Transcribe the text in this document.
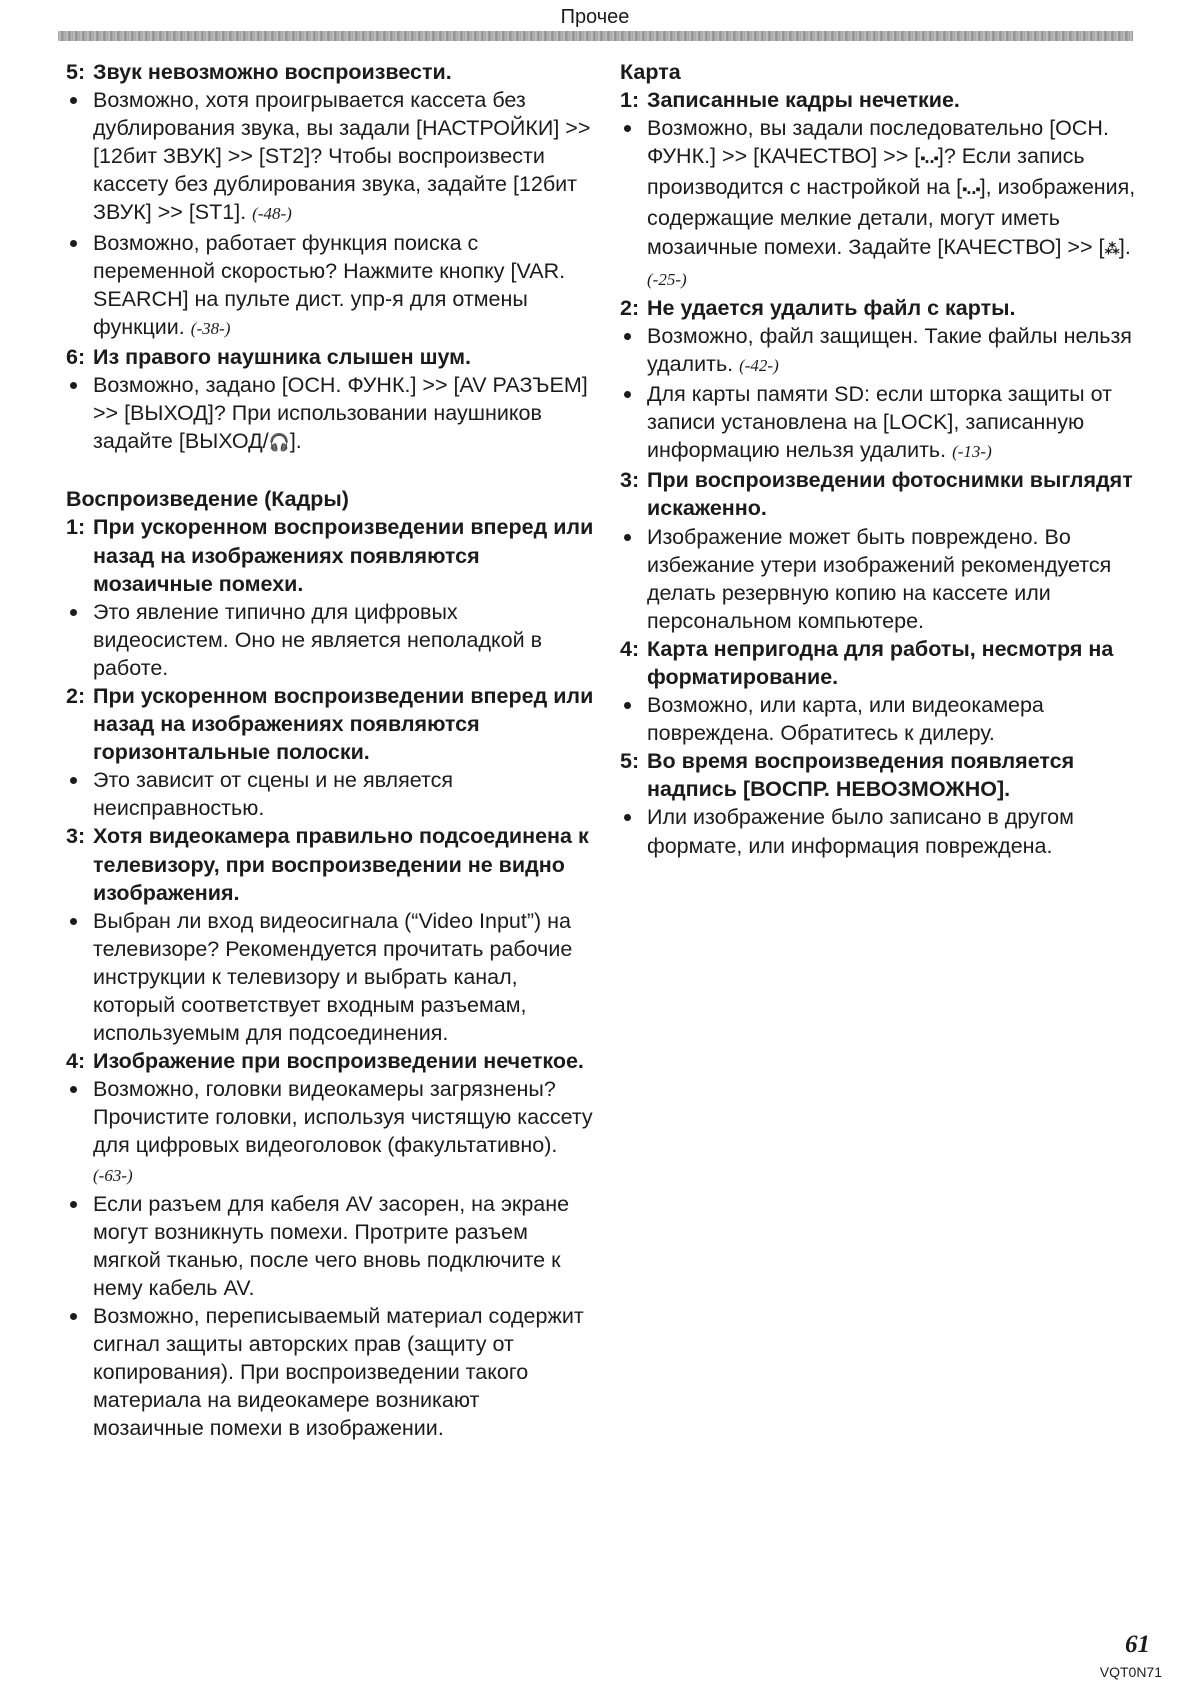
Прочее

5: Звук невозможно воспроизвести.

Возможно, хотя проигрывается кассета без дублирования звука, вы задали [НАСТРОЙКИ] >> [12бит ЗВУК] >> [ST2]? Чтобы воспроизвести кассету без дублирования звука, задайте [12бит ЗВУК] >> [ST1]. (-48-)

Возможно, работает функция поиска с переменной скоростью? Нажмите кнопку [VAR. SEARCH] на пульте дист. упр-я для отмены функции. (-38-)

6: Из правого наушника слышен шум.

Возможно, задано [ОСН. ФУНК.] >> [AV РАЗЪЕМ] >> [ВЫХОД]? При использовании наушников задайте [ВЫХОД/🎧].

Воспроизведение (Кадры)

1: При ускоренном воспроизведении вперед или назад на изображениях появляются мозаичные помехи.

Это явление типично для цифровых видеосистем. Оно не является неполадкой в работе.

2: При ускоренном воспроизведении вперед или назад на изображениях появляются горизонтальные полоски.

Это зависит от сцены и не является неисправностью.

3: Хотя видеокамера правильно подсоединена к телевизору, при воспроизведении не видно изображения.

Выбран ли вход видеосигнала (“Video Input”) на телевизоре? Рекомендуется прочитать рабочие инструкции к телевизору и выбрать канал, который соответствует входным разъемам, используемым для подсоединения.

4: Изображение при воспроизведении нечеткое.

Возможно, головки видеокамеры загрязнены? Прочистите головки, используя чистящую кассету для цифровых видеоголовок (факультативно). (-63-)

Если разъем для кабеля AV засорен, на экране могут возникнуть помехи. Протрите разъем мягкой тканью, после чего вновь подключите к нему кабель AV.

Возможно, переписываемый материал содержит сигнал защиты авторских прав (защиту от копирования). При воспроизведении такого материала на видеокамере возникают мозаичные помехи в изображении.

Карта

1: Записанные кадры нечеткие.

Возможно, вы задали последовательно [ОСН. ФУНК.] >> [КАЧЕСТВО] >> [▪‥▪]? Если запись производится с настройкой на [▪‥▪], изображения, содержащие мелкие детали, могут иметь мозаичные помехи. Задайте [КАЧЕСТВО] >> [⁂]. (-25-)

2: Не удается удалить файл с карты.

Возможно, файл защищен. Такие файлы нельзя удалить. (-42-)

Для карты памяти SD: если шторка защиты от записи установлена на [LOCK], записанную информацию нельзя удалить. (-13-)

3: При воспроизведении фотоснимки выглядят искаженно.

Изображение может быть повреждено. Во избежание утери изображений рекомендуется делать резервную копию на кассете или персональном компьютере.

4: Карта непригодна для работы, несмотря на форматирование.

Возможно, или карта, или видеокамера повреждена. Обратитесь к дилеру.

5: Во время воспроизведения появляется надпись [ВОСПР. НЕВОЗМОЖНО].

Или изображение было записано в другом формате, или информация повреждена.

61
VQT0N71
